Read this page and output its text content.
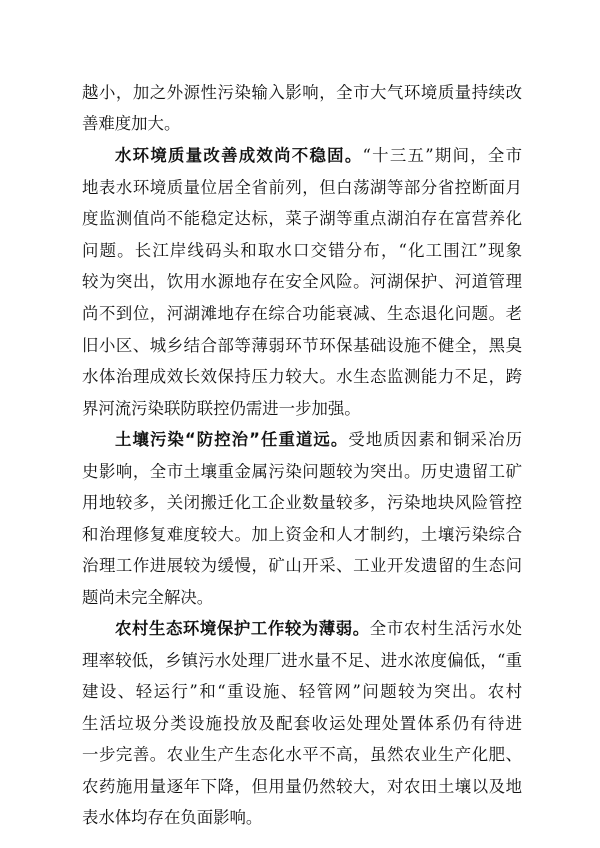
越小，加之外源性污染输入影响，全市大气环境质量持续改
善难度加大。
水环境质量改善成效尚不稳固。“十三五”期间，全市
地表水环境质量位居全省前列，但白荡湖等部分省控断面月
度监测值尚不能稳定达标，菜子湖等重点湖泊存在富营养化
问题。长江岸线码头和取水口交错分布，“化工围江”现象
较为突出，饮用水源地存在安全风险。河湖保护、河道管理
尚不到位，河湖滩地存在综合功能衰减、生态退化问题。老
旧小区、城乡结合部等薄弱环节环保基础设施不健全，黑臭
水体治理成效长效保持压力较大。水生态监测能力不足，跨
界河流污染联防联控仍需进一步加强。
土壤污染“防控治”任重道远。受地质因素和铜采冶历
史影响，全市土壤重金属污染问题较为突出。历史遗留工矿
用地较多，关闭搬迁化工企业数量较多，污染地块风险管控
和治理修复难度较大。加上资金和人才制约，土壤污染综合
治理工作进展较为缓慢，矿山开采、工业开发遗留的生态问
题尚未完全解决。
农村生态环境保护工作较为薄弱。全市农村生活污水处
理率较低，乡镇污水处理厂进水量不足、进水浓度偏低，“重
建设、轻运行”和“重设施、轻管网”问题较为突出。农村
生活垃圾分类设施投放及配套收运处理处置体系仍有待进
一步完善。农业生产生态化水平不高，虽然农业生产化肥、
农药施用量逐年下降，但用量仍然较大，对农田土壤以及地
表水体均存在负面影响。
